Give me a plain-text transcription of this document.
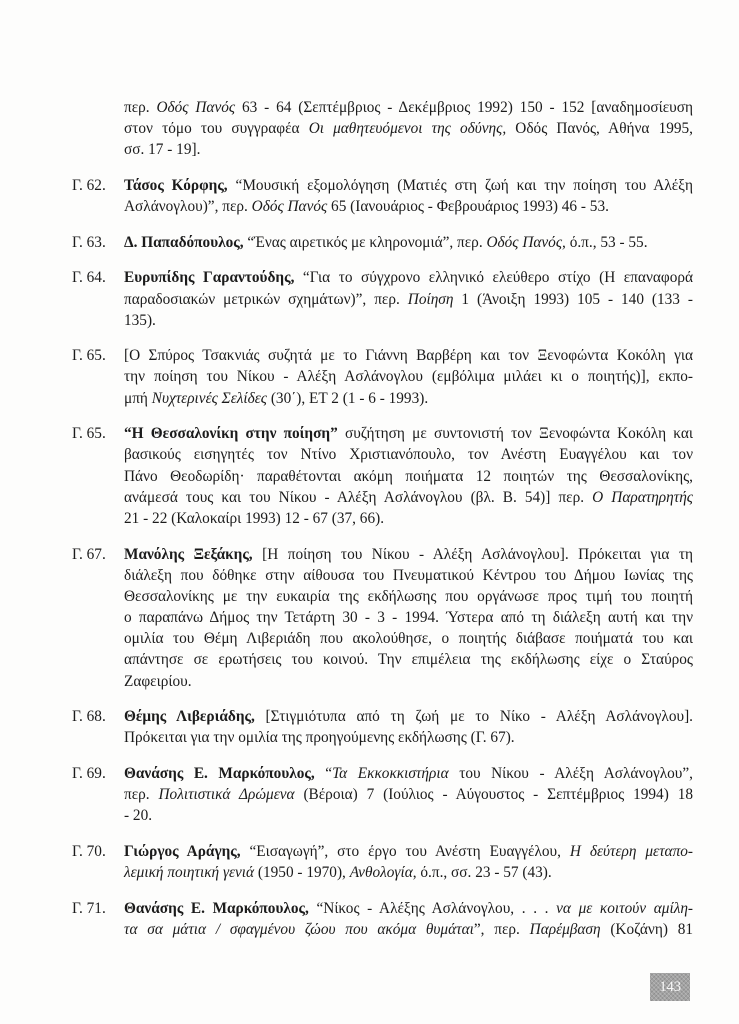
περ. Οδός Πανός 63 - 64 (Σεπτέμβριος - Δεκέμβριος 1992) 150 - 152 [αναδημοσίευση
στον τόμο του συγγραφέα Οι μαθητευόμενοι της οδύνης, Οδός Πανός, Αθήνα 1995,
σσ. 17 - 19].
Γ. 62.	Τάσος Κόρφης, “Μουσική εξομολόγηση (Ματιές στη ζωή και την ποίηση του Αλέξη
Ασλάνογλου)”, περ. Οδός Πανός 65 (Ιανουάριος - Φεβρουάριος 1993) 46 - 53.
Γ. 63.	Δ. Παπαδόπουλος, “Ένας αιρετικός με κληρονομιά”, περ. Οδός Πανός, ό.π., 53 - 55.
Γ. 64.	Ευρυπίδης Γαραντούδης, “Για το σύγχρονο ελληνικό ελεύθερο στίχο (Η επαναφορά
παραδοσιακών μετρικών σχημάτων)”, περ. Ποίηση 1 (Άνοιξη 1993) 105 - 140 (133 -
135).
Γ. 65.	[Ο Σπύρος Τσακνιάς συζητά με το Γιάννη Βαρβέρη και τον Ξενοφώντα Κοκόλη για
την ποίηση του Νίκου - Αλέξη Ασλάνογλου (εμβόλιμα μιλάει κι ο ποιητής)], εκπο-
μπή Νυχτερινές Σελίδες (30΄), ΕΤ 2 (1 - 6 - 1993).
Γ. 65.	“Η Θεσσαλονίκη στην ποίηση” συζήτηση με συντονιστή τον Ξενοφώντα Κοκόλη και
βασικούς εισηγητές τον Ντίνο Χριστιανόπουλο, τον Ανέστη Ευαγγέλου και τον
Πάνο Θεοδωρίδη· παραθέτονται ακόμη ποιήματα 12 ποιητών της Θεσσαλονίκης,
ανάμεσά τους και του Νίκου - Αλέξη Ασλάνογλου (βλ. Β. 54)] περ. Ο Παρατηρητής
21 - 22 (Καλοκαίρι 1993) 12 - 67 (37, 66).
Γ. 67.	Μανόλης Ξεξάκης, [Η ποίηση του Νίκου - Αλέξη Ασλάνογλου]. Πρόκειται για τη
διάλεξη που δόθηκε στην αίθουσα του Πνευματικού Κέντρου του Δήμου Ιωνίας της
Θεσσαλονίκης με την ευκαιρία της εκδήλωσης που οργάνωσε προς τιμή του ποιητή
ο παραπάνω Δήμος την Τετάρτη 30 - 3 - 1994. Ύστερα από τη διάλεξη αυτή και την
ομιλία του Θέμη Λιβεριάδη που ακολούθησε, ο ποιητής διάβασε ποιήματά του και
απάντησε σε ερωτήσεις του κοινού. Την επιμέλεια της εκδήλωσης είχε ο Σταύρος
Ζαφειρίου.
Γ. 68.	Θέμης Λιβεριάδης, [Στιγμιότυπα από τη ζωή με το Νίκο - Αλέξη Ασλάνογλου].
Πρόκειται για την ομιλία της προηγούμενης εκδήλωσης (Γ. 67).
Γ. 69.	Θανάσης Ε. Μαρκόπουλος, “Τα Εκκοκκιστήρια του Νίκου - Αλέξη Ασλάνογλου”,
περ. Πολιτιστικά Δρώμενα (Βέροια) 7 (Ιούλιος - Αύγουστος - Σεπτέμβριος 1994) 18
- 20.
Γ. 70.	Γιώργος Αράγης, “Εισαγωγή”, στο έργο του Ανέστη Ευαγγέλου, Η δεύτερη μεταπο-
λεμική ποιητική γενιά (1950 - 1970), Ανθολογία, ό.π., σσ. 23 - 57 (43).
Γ. 71.	Θανάσης Ε. Μαρκόπουλος, “Νίκος - Αλέξης Ασλάνογλου, . . . να με κοιτούν αμίλη-
τα σα μάτια / σφαγμένου ζώου που ακόμα θυμάται”, περ. Παρέμβαση (Κοζάνη) 81
143
